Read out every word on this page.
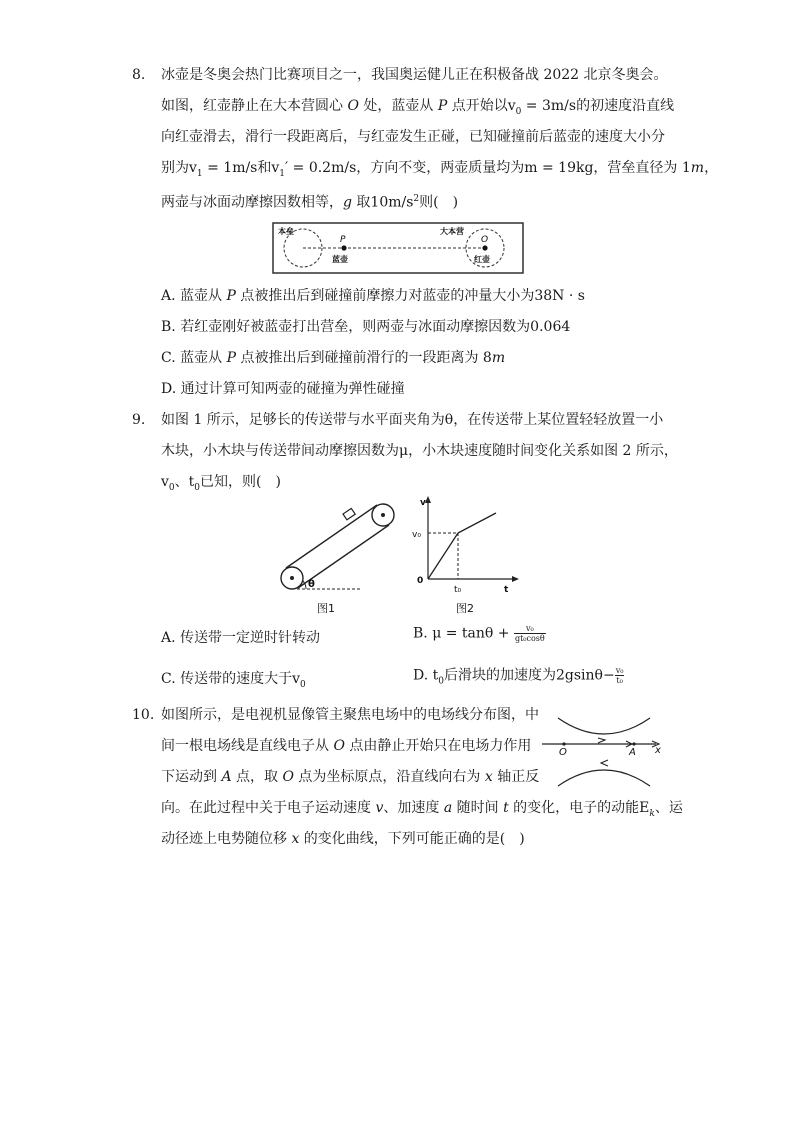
8. 冰壶是冬奥会热门比赛项目之一，我国奥运健儿正在积极备战 2022 北京冬奥会。
如图，红壶静止在大本营圆心 O 处，蓝壶从 P 点开始以$v_0 = 3m/s$的初速度沿直线
向红壶滑去，滑行一段距离后，与红壶发生正碰，已知碰撞前后蓝壶的速度大小分
别为$v_1 = 1m/s$和$v_1' = 0.2m/s$，方向不变，两壶质量均为m = 19kg，营垒直径为 1m，
两壶与冰面动摩擦因数相等，g 取$10m/s^2$则(　)
本垒
P
蓝壶
大本营
O
红壶
A. 蓝壶从 P 点被推出后到碰撞前摩擦力对蓝壶的冲量大小为38N · s
B. 若红壶刚好被蓝壶打出营垒，则两壶与冰面动摩擦因数为0.064
C. 蓝壶从 P 点被推出后到碰撞前滑行的一段距离为 8m
D. 通过计算可知两壶的碰撞为弹性碰撞
9. 如图 1 所示，足够长的传送带与水平面夹角为θ，在传送带上某位置轻轻放置一小
木块，小木块与传送带间动摩擦因数为μ，小木块速度随时间变化关系如图 2 所示，
$v_0$、$t_0$已知，则(　)
θ
图1
v
v₀
0
t₀	t
图2
A. 传送带一定逆时针转动	B. $\mu = \tan\theta + \frac{\text{v₀}}{\text{gt₀cosθ}}$
C. 传送带的速度大于$v_0$
D. $t_0$后滑块的加速度为$2gsin\theta- \frac{\text{v₀}}{\text{t₀}}$
10. 如图所示，是电视机显像管主聚焦电场中的电场线分布图，中
间一根电场线是直线电子从 O 点由静止开始只在电场力作用
下运动到 A 点，取 O 点为坐标原点，沿直线向右为 x 轴正反
向。在此过程中关于电子运动速度 v、加速度 a 随时间 t 的变化，电子的动能$E_k$、运
动径迹上电势随位移 x 的变化曲线，下列可能正确的是(　)
O	A x
